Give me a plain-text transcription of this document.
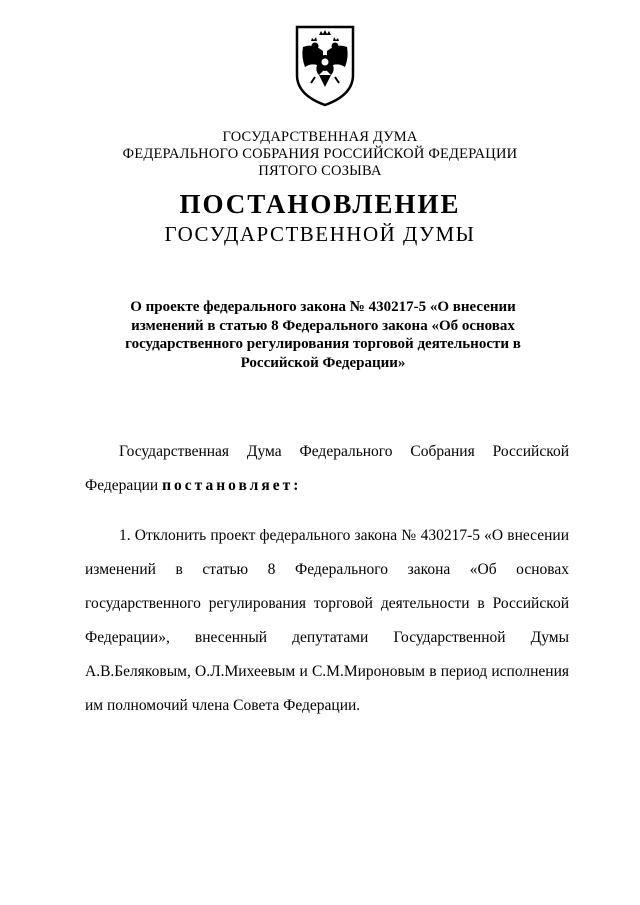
ГОСУДАРСТВЕННАЯ ДУМА
ФЕДЕРАЛЬНОГО СОБРАНИЯ РОССИЙСКОЙ ФЕДЕРАЦИИ
ПЯТОГО СОЗЫВА
ПОСТАНОВЛЕНИЕ
ГОСУДАРСТВЕННОЙ ДУМЫ
О проекте федерального закона № 430217-5 «О внесении изменений в статью 8 Федерального закона «Об основах государственного регулирования торговой деятельности в Российской Федерации»
Государственная Дума Федерального Собрания Российской Федерации постановляет:
1. Отклонить проект федерального закона № 430217-5 «О внесении изменений в статью 8 Федерального закона «Об основах государственного регулирования торговой деятельности в Российской Федерации», внесенный депутатами Государственной Думы А.В.Беляковым, О.Л.Михеевым и С.М.Мироновым в период исполнения им полномочий члена Совета Федерации.
